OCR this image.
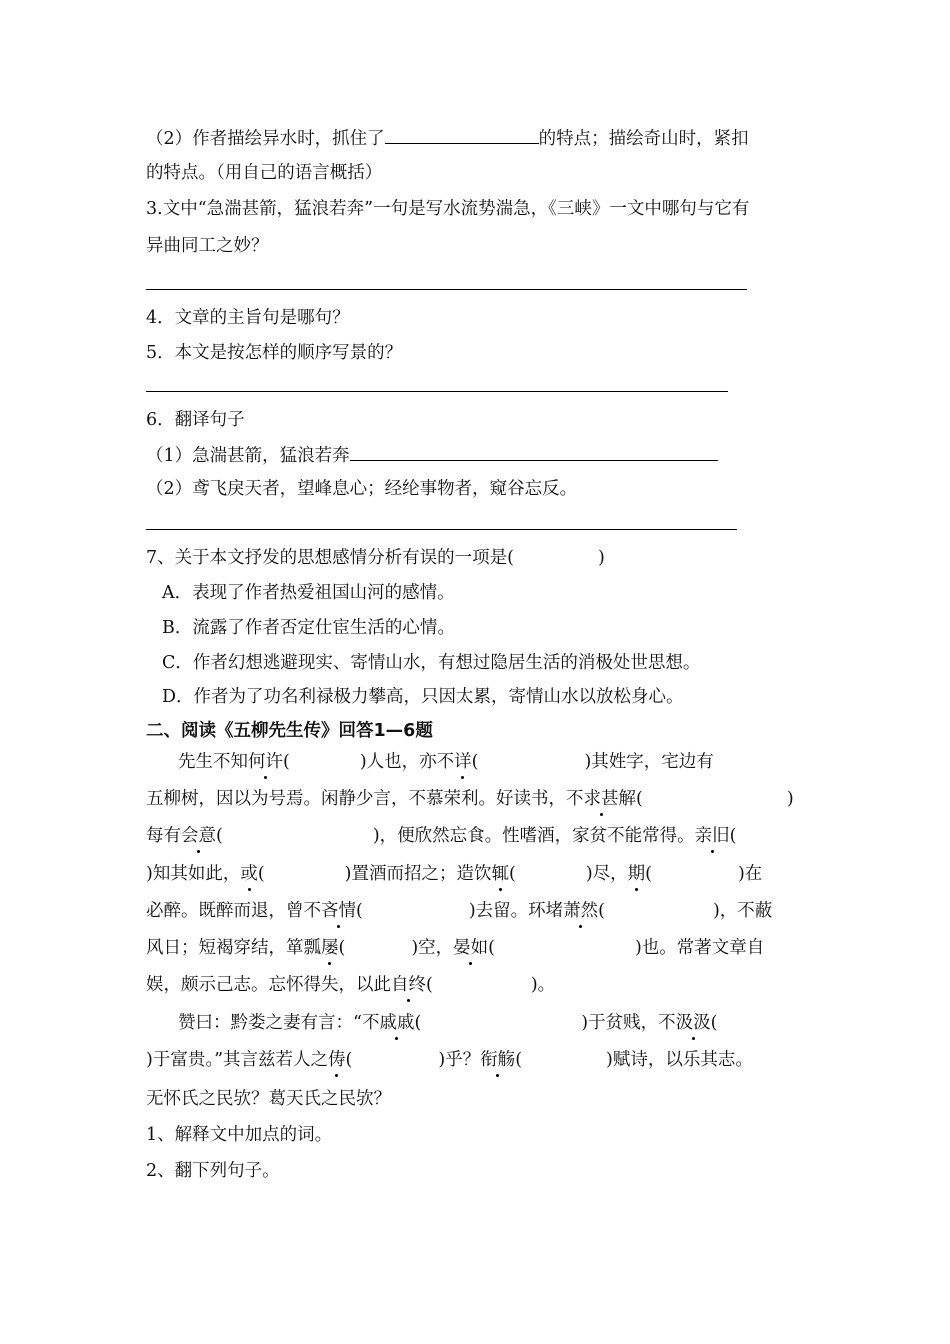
（2）作者描绘异水时，抓住了	的特点；描绘奇山时，紧扣
的特点。（用自己的语言概括）
3.文中“急湍甚箭，猛浪若奔”一句是写水流势湍急，《三峡》一文中哪句与它有
异曲同工之妙？
4．文章的主旨句是哪句？
5．本文是按怎样的顺序写景的？
6．翻译句子
（1）急湍甚箭，猛浪若奔
（2）鸢飞戾天者，望峰息心；经纶事物者，窥谷忘反。
7、关于本文抒发的思想感情分析有误的一项是(	)
A．表现了作者热爱祖国山河的感情。
B．流露了作者否定仕宦生活的心情。
C．作者幻想逃避现实、寄情山水，有想过隐居生活的消极处世思想。
D．作者为了功名利禄极力攀高，只因太累，寄情山水以放松身心。
二、阅读《五柳先生传》回答1—6题
先生不知何许(	)人也，亦不详(	)其姓字，宅边有
五柳树，因以为号焉。闲静少言，不慕荣利。好读书，不求甚解(	)
每有会意(	)，便欣然忘食。性嗜酒，家贫不能常得。亲旧(
)知其如此，或(	)置酒而招之；造饮辄(	)尽，期(	)在
必醉。既醉而退，曾不吝情(	)去留。环堵萧然(	)，不蔽
风日；短褐穿结，箪瓢屡(	)空，晏如(	)也。常著文章自
娱，颇示己志。忘怀得失，以此自终(	)。
赞曰：黔娄之妻有言：“不戚戚(	)于贫贱，不汲汲(
)于富贵。”其言兹若人之俦(	)乎？衔觞(	)赋诗，以乐其志。
无怀氏之民欤？葛天氏之民欤？
1、解释文中加点的词。
2、翻下列句子。
